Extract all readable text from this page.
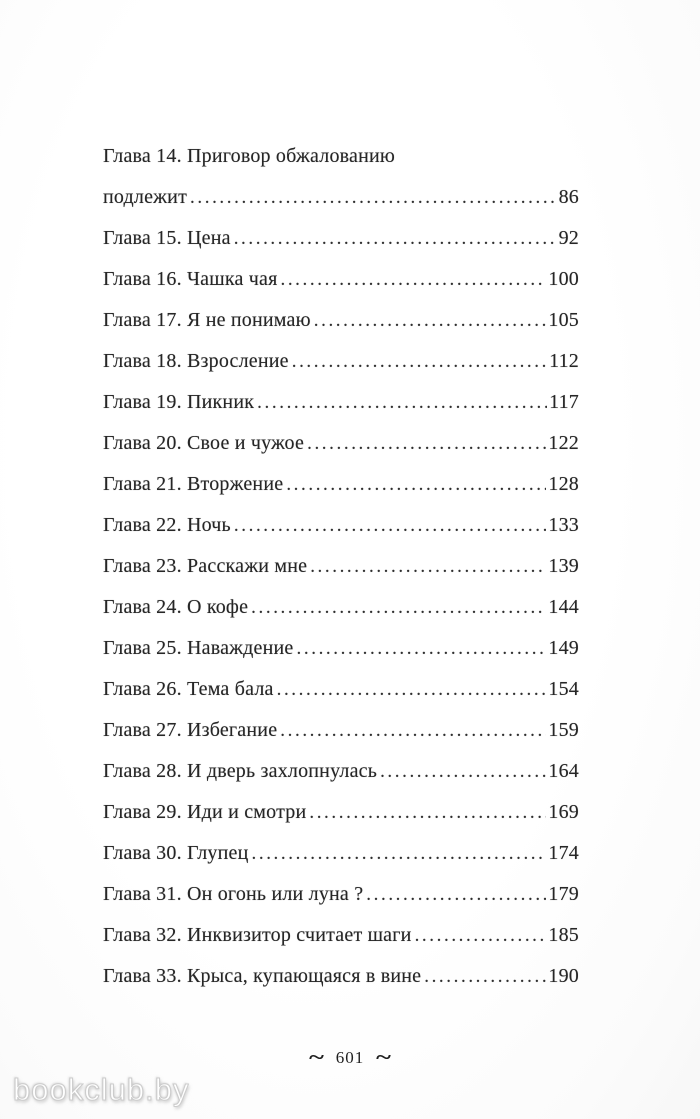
Глава 14. Приговор обжалованию
подлежит .....	86
Глава 15. Цена .....	92
Глава 16. Чашка чая .....	100
Глава 17. Я не понимаю .....	105
Глава 18. Взросление .....	112
Глава 19. Пикник .....	117
Глава 20. Свое и чужое .....	122
Глава 21. Вторжение .....	128
Глава 22. Ночь .....	133
Глава 23. Расскажи мне .....	139
Глава 24. О кофе .....	144
Глава 25. Наваждение .....	149
Глава 26. Тема бала .....	154
Глава 27. Избегание .....	159
Глава 28. И дверь захлопнулась .....	164
Глава 29. Иди и смотри .....	169
Глава 30. Глупец .....	174
Глава 31. Он огонь или луна ? .....	179
Глава 32. Инквизитор считает шаги .....	185
Глава 33. Крыса, купающаяся в вине .....	190
~ 601 ~
bookclub.by
